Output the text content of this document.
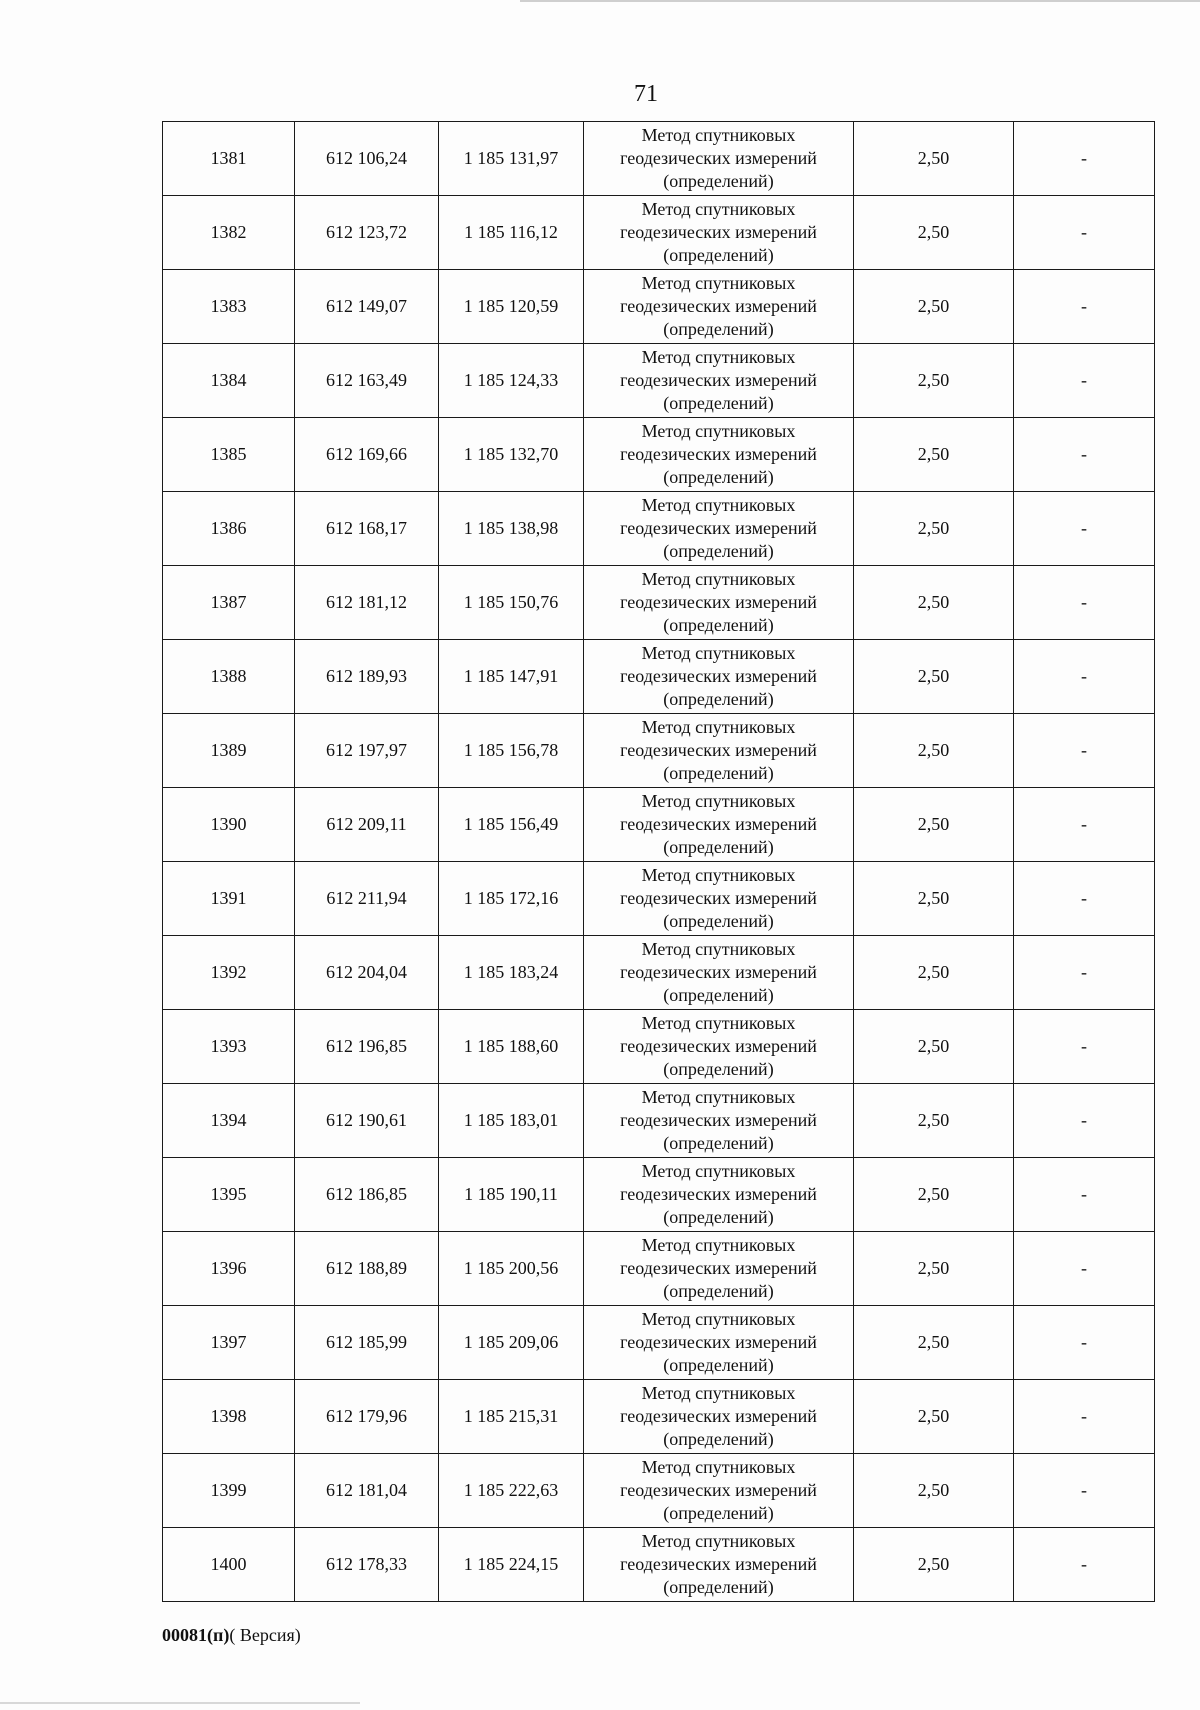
71
1381	612 106,24	1 185 131,97	Метод спутниковых
геодезических измерений
(определений)	2,50	-
1382	612 123,72	1 185 116,12	Метод спутниковых
геодезических измерений
(определений)	2,50	-
1383	612 149,07	1 185 120,59	Метод спутниковых
геодезических измерений
(определений)	2,50	-
1384	612 163,49	1 185 124,33	Метод спутниковых
геодезических измерений
(определений)	2,50	-
1385	612 169,66	1 185 132,70	Метод спутниковых
геодезических измерений
(определений)	2,50	-
1386	612 168,17	1 185 138,98	Метод спутниковых
геодезических измерений
(определений)	2,50	-
1387	612 181,12	1 185 150,76	Метод спутниковых
геодезических измерений
(определений)	2,50	-
1388	612 189,93	1 185 147,91	Метод спутниковых
геодезических измерений
(определений)	2,50	-
1389	612 197,97	1 185 156,78	Метод спутниковых
геодезических измерений
(определений)	2,50	-
1390	612 209,11	1 185 156,49	Метод спутниковых
геодезических измерений
(определений)	2,50	-
1391	612 211,94	1 185 172,16	Метод спутниковых
геодезических измерений
(определений)	2,50	-
1392	612 204,04	1 185 183,24	Метод спутниковых
геодезических измерений
(определений)	2,50	-
1393	612 196,85	1 185 188,60	Метод спутниковых
геодезических измерений
(определений)	2,50	-
1394	612 190,61	1 185 183,01	Метод спутниковых
геодезических измерений
(определений)	2,50	-
1395	612 186,85	1 185 190,11	Метод спутниковых
геодезических измерений
(определений)	2,50	-
1396	612 188,89	1 185 200,56	Метод спутниковых
геодезических измерений
(определений)	2,50	-
1397	612 185,99	1 185 209,06	Метод спутниковых
геодезических измерений
(определений)	2,50	-
1398	612 179,96	1 185 215,31	Метод спутниковых
геодезических измерений
(определений)	2,50	-
1399	612 181,04	1 185 222,63	Метод спутниковых
геодезических измерений
(определений)	2,50	-
1400	612 178,33	1 185 224,15	Метод спутниковых
геодезических измерений
(определений)	2,50	-
00081(п)( Версия)
